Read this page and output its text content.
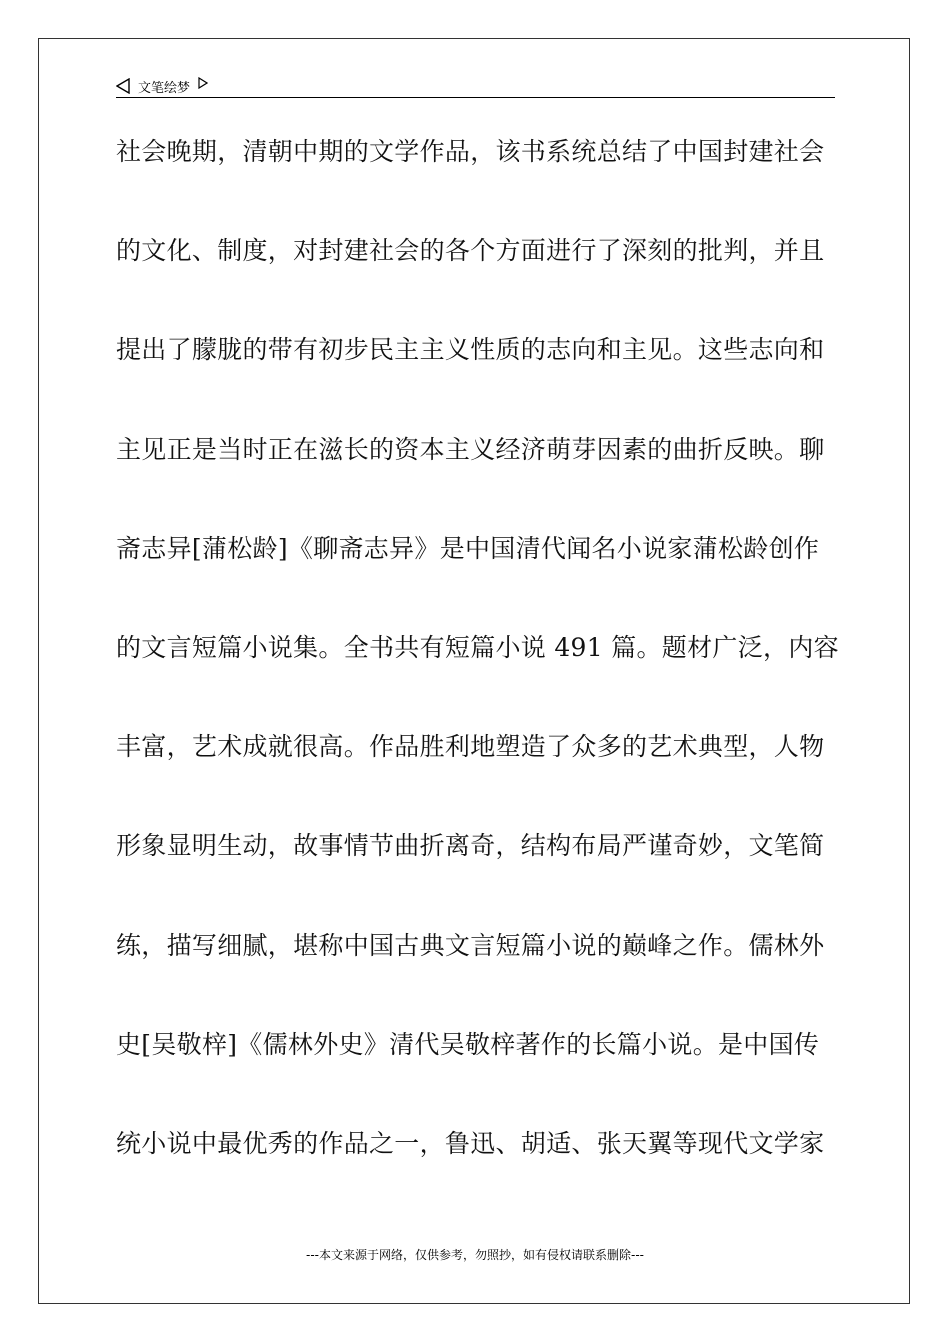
文笔绘梦
社会晚期，清朝中期的文学作品，该书系统总结了中国封建社会
的文化、制度，对封建社会的各个方面进行了深刻的批判，并且
提出了朦胧的带有初步民主主义性质的志向和主见。这些志向和
主见正是当时正在滋长的资本主义经济萌芽因素的曲折反映。聊
斋志异[蒲松龄]《聊斋志异》是中国清代闻名小说家蒲松龄创作
的文言短篇小说集。全书共有短篇小说 491 篇。题材广泛，内容
丰富，艺术成就很高。作品胜利地塑造了众多的艺术典型，人物
形象显明生动，故事情节曲折离奇，结构布局严谨奇妙，文笔简
练，描写细腻，堪称中国古典文言短篇小说的巅峰之作。儒林外
史[吴敬梓]《儒林外史》清代吴敬梓著作的长篇小说。是中国传
统小说中最优秀的作品之一，鲁迅、胡适、张天翼等现代文学家
---本文来源于网络，仅供参考，勿照抄，如有侵权请联系删除---
